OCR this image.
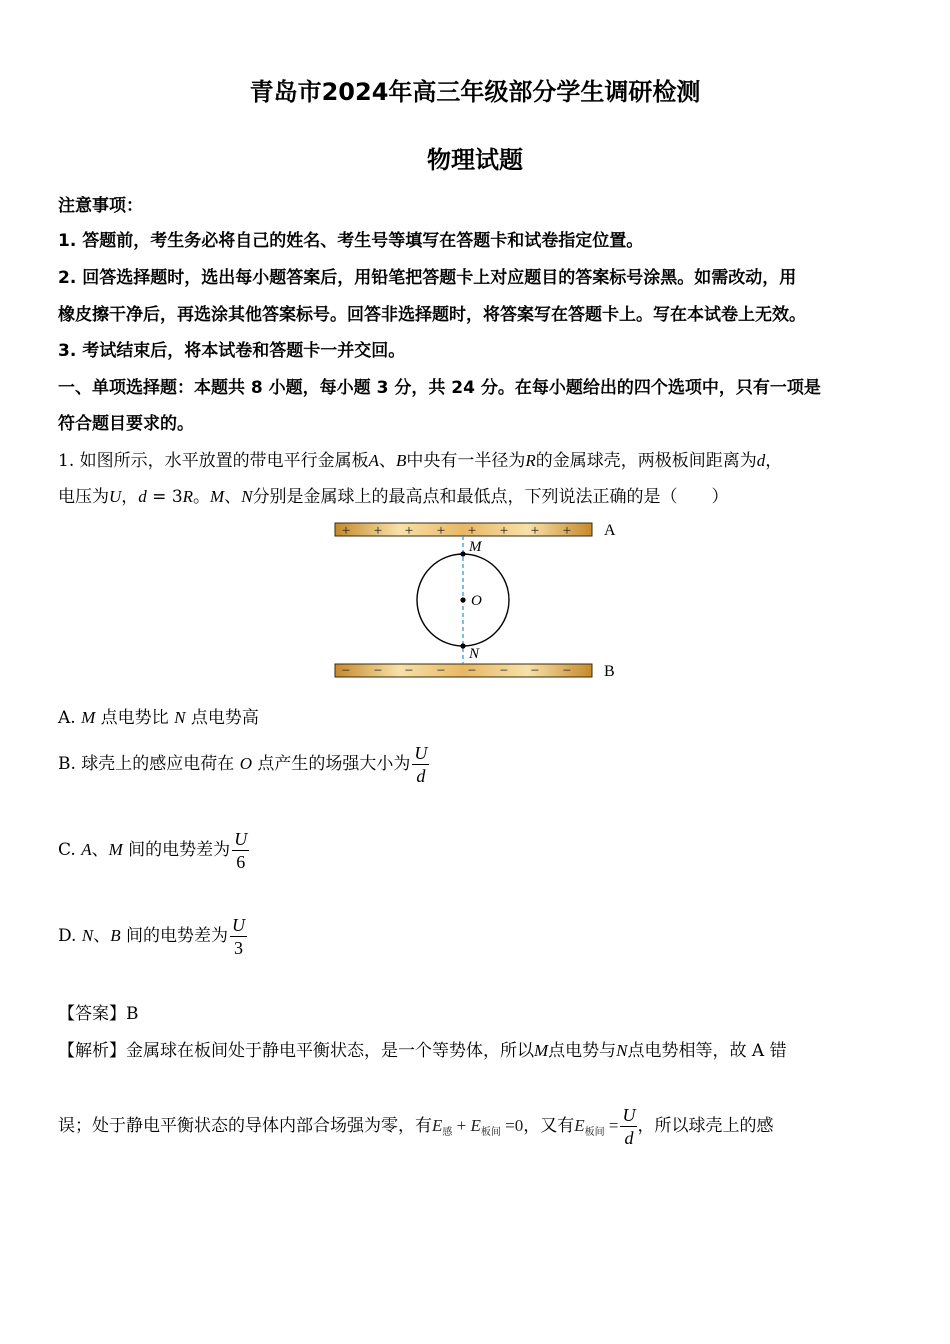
青岛市2024年高三年级部分学生调研检测
物理试题
注意事项：
1. 答题前，考生务必将自己的姓名、考生号等填写在答题卡和试卷指定位置。
2. 回答选择题时，选出每小题答案后，用铅笔把答题卡上对应题目的答案标号涂黑。如需改动，用
橡皮擦干净后，再选涂其他答案标号。回答非选择题时，将答案写在答题卡上。写在本试卷上无效。
3. 考试结束后，将本试卷和答题卡一并交回。
一、单项选择题：本题共 8 小题，每小题 3 分，共 24 分。在每小题给出的四个选项中，只有一项是
符合题目要求的。
1. 如图所示，水平放置的带电平行金属板A、B中央有一半径为R的金属球壳，两极板间距离为d，
电压为U，d = 3R。M、N分别是金属球上的最高点和最低点，下列说法正确的是（　　）
+ + + + + + + + A
− − − − − − − − B
M
O
N
A. M 点电势比 N 点电势高
B. 球壳上的感应电荷在 O 点产生的场强大小为 $\frac{U}{d}$
C. A、M 间的电势差为 $\frac{U}{6}$
D. N、B 间的电势差为 $\frac{U}{3}$
【答案】B
【解析】金属球在板间处于静电平衡状态，是一个等势体，所以M点电势与N点电势相等，故 A 错
误；处于静电平衡状态的导体内部合场强为零，有$E_感 + E_{板间} =0$，又有$E_{板间} = \frac{U}{d}$ ，所以球壳上的感
